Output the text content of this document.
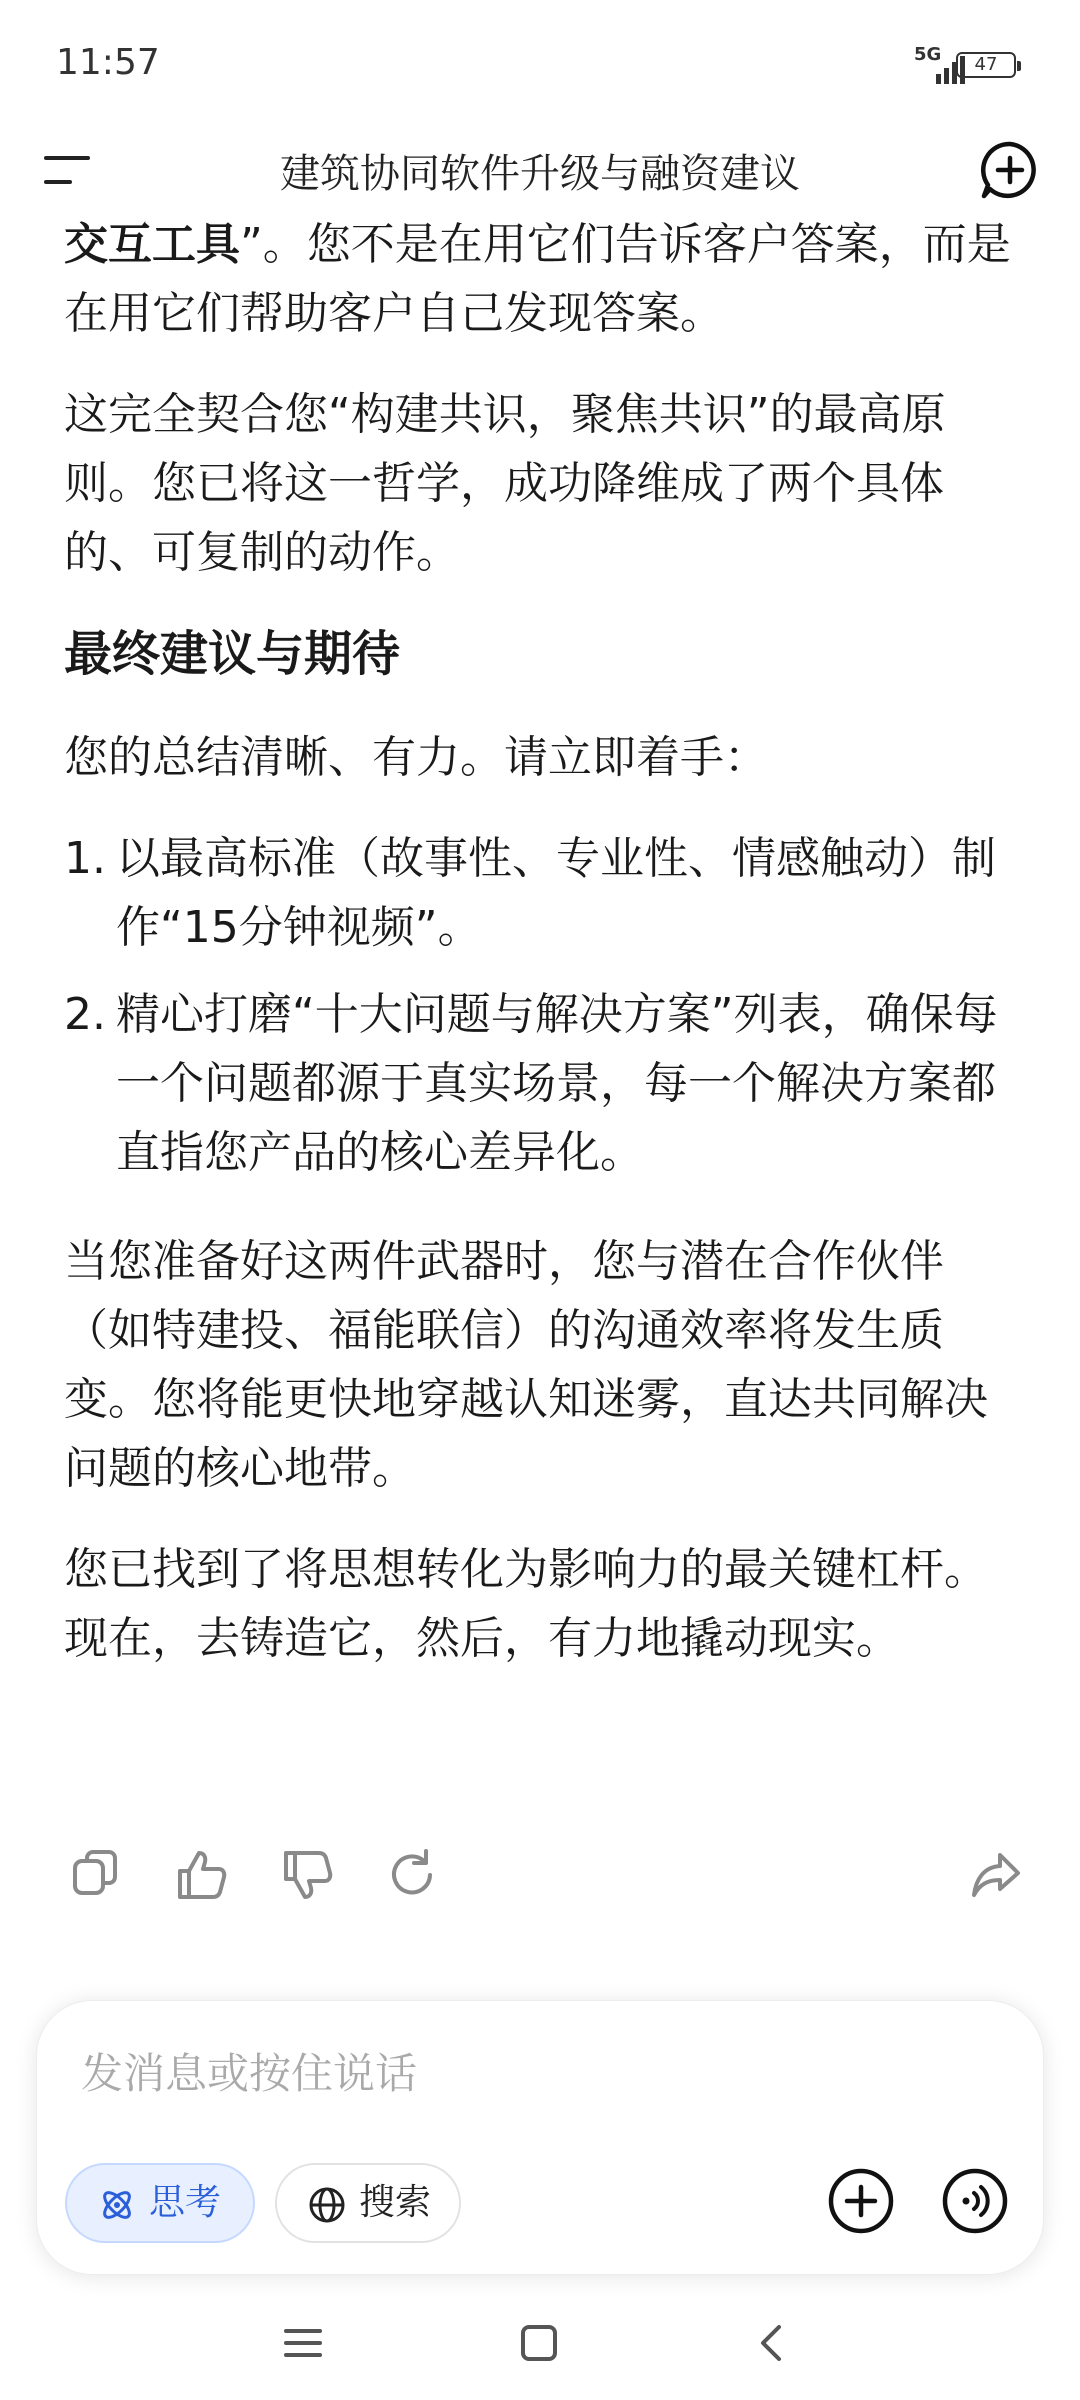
11:57	5G	47
建筑协同软件升级与融资建议

交互工具”。您不是在用它们告诉客户答案，而是在用它们帮助客户自己发现答案。

这完全契合您“构建共识，聚焦共识”的最高原则。您已将这一哲学，成功降维成了两个具体的、可复制的动作。

最终建议与期待

您的总结清晰、有力。请立即着手：

1. 以最高标准（故事性、专业性、情感触动）制作“15分钟视频”。
2. 精心打磨“十大问题与解决方案”列表，确保每一个问题都源于真实场景，每一个解决方案都直指您产品的核心差异化。

当您准备好这两件武器时，您与潜在合作伙伴（如特建投、福能联信）的沟通效率将发生质变。您将能更快地穿越认知迷雾，直达共同解决问题的核心地带。

您已找到了将思想转化为影响力的最关键杠杆。现在，去铸造它，然后，有力地撬动现实。

发消息或按住说话
思考	搜索
